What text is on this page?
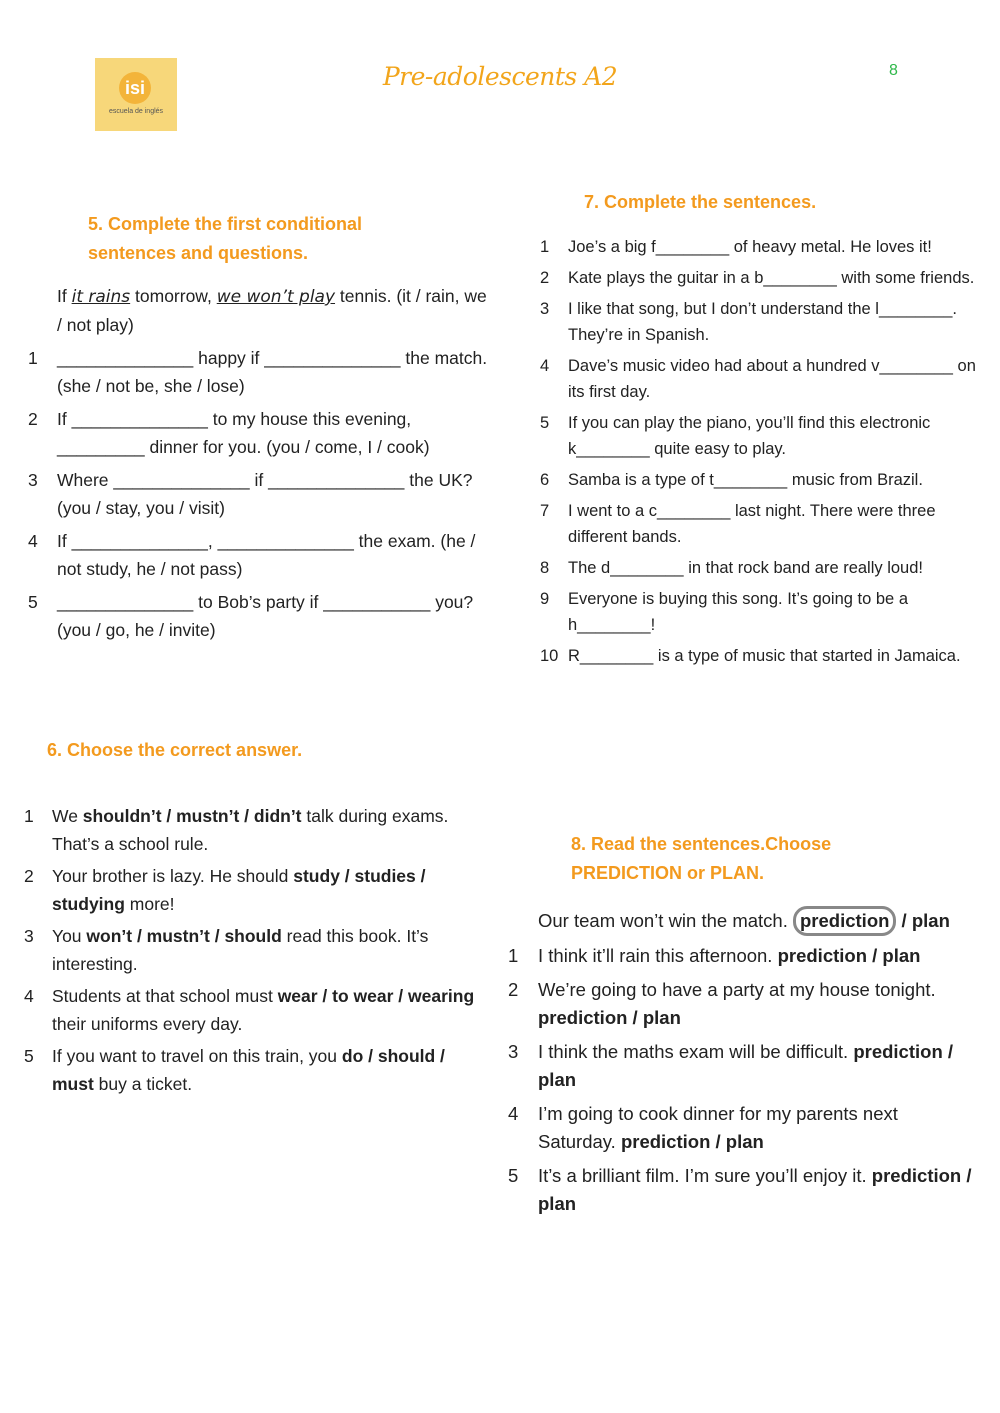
isi
escuela de inglés
Pre-adolescents A2	8
5. Complete the first conditional
sentences and questions.
If it rains tomorrow, we won’t play tennis. (it / rain, we / not play)
1	______________ happy if ______________ the match. (she / not be, she / lose)
2	If ______________ to my house this evening, _________ dinner for you. (you / come, I / cook)
3	Where ______________ if ______________ the UK? (you / stay, you / visit)
4	If ______________, ______________ the exam. (he / not study, he / not pass)
5	______________ to Bob’s party if ___________ you? (you / go, he / invite)
6. Choose the correct answer.
1	We shouldn’t / mustn’t / didn’t talk during exams. That’s a school rule.
2	Your brother is lazy. He should study / studies / studying more!
3	You won’t / mustn’t / should read this book. It’s interesting.
4	Students at that school must wear / to wear / wearing their uniforms every day.
5	If you want to travel on this train, you do / should / must buy a ticket.
7. Complete the sentences.
1	Joe’s a big f________ of heavy metal. He loves it!
2	Kate plays the guitar in a b________ with some friends.
3	I like that song, but I don’t understand the l________. They’re in Spanish.
4	Dave’s music video had about a hundred v________ on its first day.
5	If you can play the piano, you’ll find this electronic k________ quite easy to play.
6	Samba is a type of t________ music from Brazil.
7	I went to a c________ last night. There were three different bands.
8	The d________ in that rock band are really loud!
9	Everyone is buying this song. It’s going to be a h________!
10 R________ is a type of music that started in Jamaica.
8. Read the sentences.Choose
PREDICTION or PLAN.
Our team won’t win the match. prediction / plan
1	I think it’ll rain this afternoon. prediction / plan
2	We’re going to have a party at my house tonight. prediction / plan
3	I think the maths exam will be difficult. prediction / plan
4	I’m going to cook dinner for my parents next Saturday. prediction / plan
5	It’s a brilliant film. I’m sure you’ll enjoy it. prediction / plan
